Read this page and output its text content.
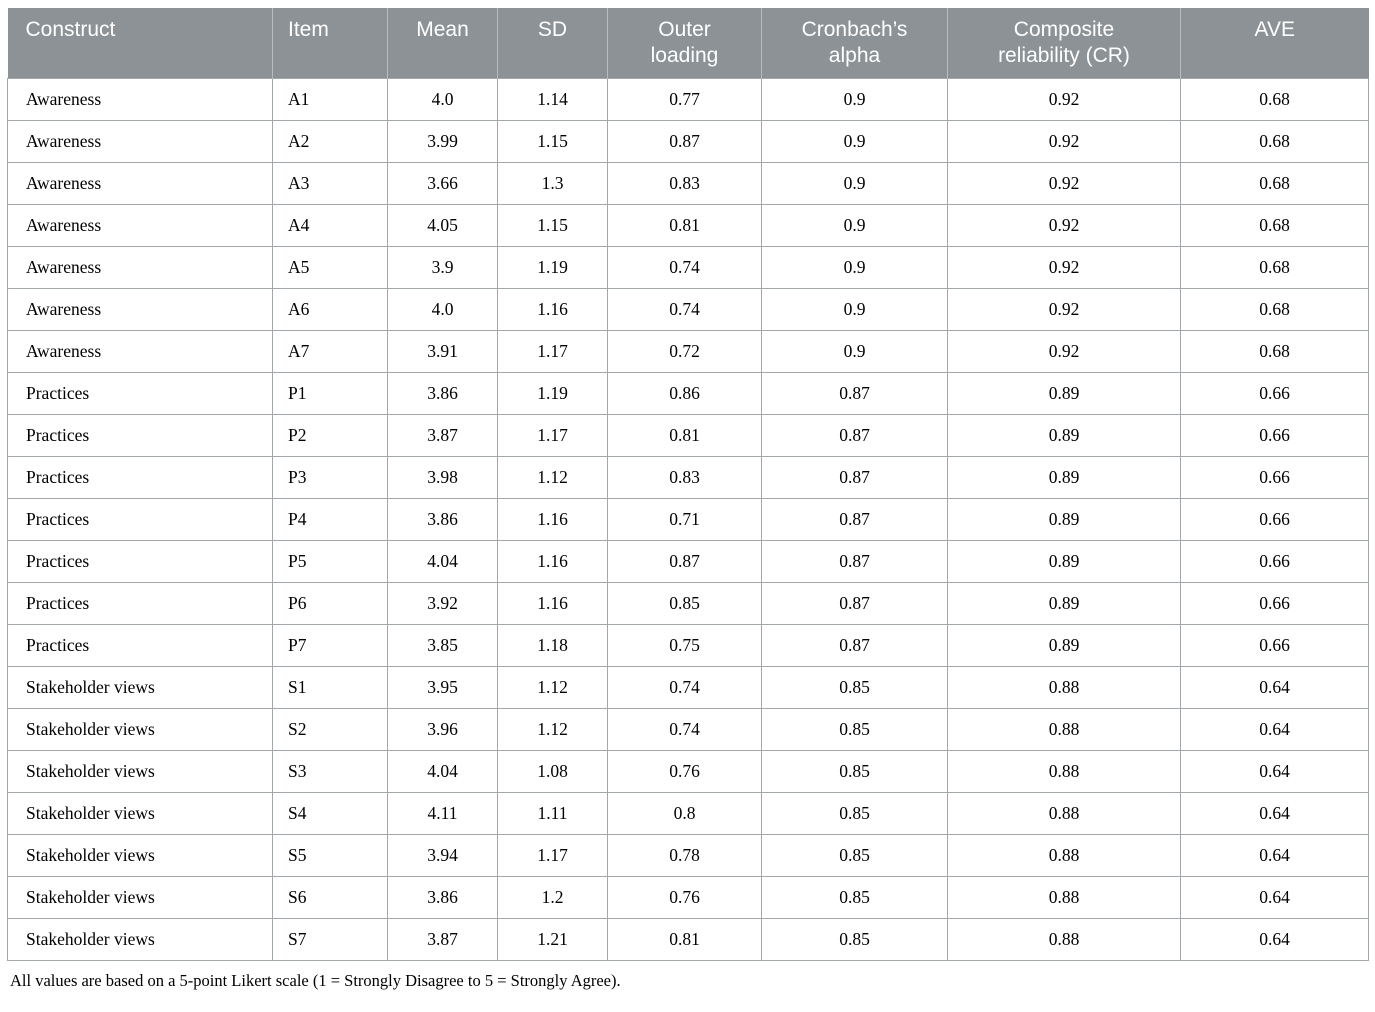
Construct	Item	Mean	SD	Outer loading	Cronbach’s alpha	Composite reliability (CR)	AVE
Awareness	A1	4.0	1.14	0.77	0.9	0.92	0.68
Awareness	A2	3.99	1.15	0.87	0.9	0.92	0.68
Awareness	A3	3.66	1.3	0.83	0.9	0.92	0.68
Awareness	A4	4.05	1.15	0.81	0.9	0.92	0.68
Awareness	A5	3.9	1.19	0.74	0.9	0.92	0.68
Awareness	A6	4.0	1.16	0.74	0.9	0.92	0.68
Awareness	A7	3.91	1.17	0.72	0.9	0.92	0.68
Practices	P1	3.86	1.19	0.86	0.87	0.89	0.66
Practices	P2	3.87	1.17	0.81	0.87	0.89	0.66
Practices	P3	3.98	1.12	0.83	0.87	0.89	0.66
Practices	P4	3.86	1.16	0.71	0.87	0.89	0.66
Practices	P5	4.04	1.16	0.87	0.87	0.89	0.66
Practices	P6	3.92	1.16	0.85	0.87	0.89	0.66
Practices	P7	3.85	1.18	0.75	0.87	0.89	0.66
Stakeholder views	S1	3.95	1.12	0.74	0.85	0.88	0.64
Stakeholder views	S2	3.96	1.12	0.74	0.85	0.88	0.64
Stakeholder views	S3	4.04	1.08	0.76	0.85	0.88	0.64
Stakeholder views	S4	4.11	1.11	0.8	0.85	0.88	0.64
Stakeholder views	S5	3.94	1.17	0.78	0.85	0.88	0.64
Stakeholder views	S6	3.86	1.2	0.76	0.85	0.88	0.64
Stakeholder views	S7	3.87	1.21	0.81	0.85	0.88	0.64

All values are based on a 5-point Likert scale (1 = Strongly Disagree to 5 = Strongly Agree).
